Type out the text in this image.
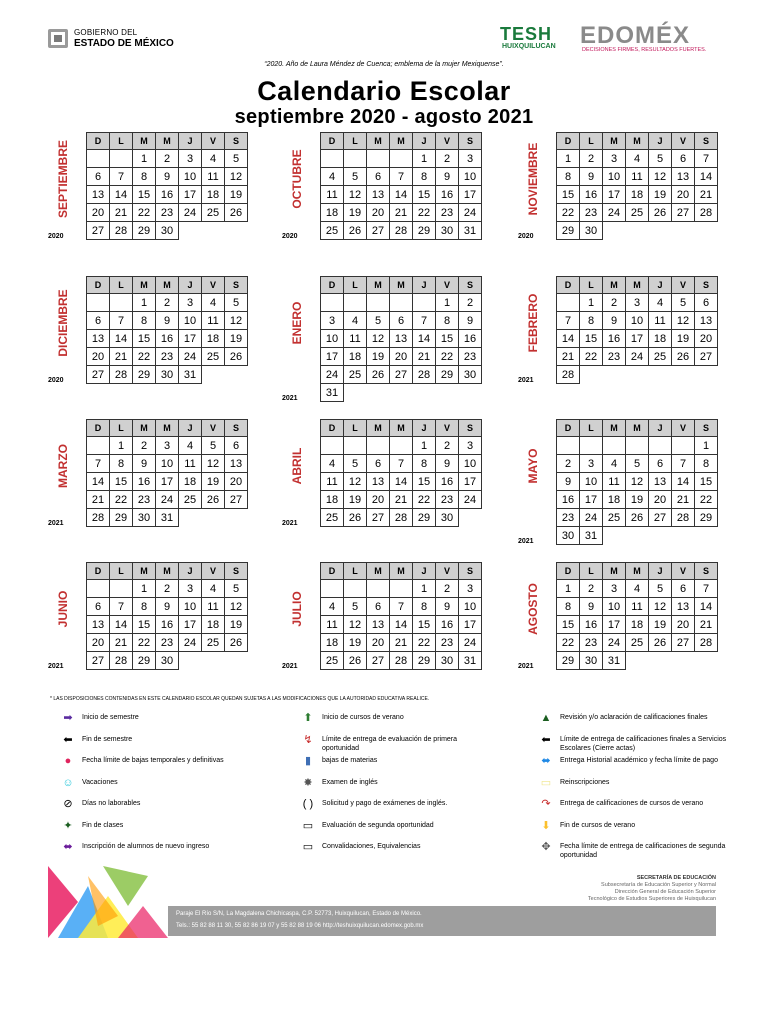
GOBIERNO DEL
ESTADO DE MÉXICO	TESH
HUIXQUILUCAN EDOMÉX
DECISIONES FIRMES, RESULTADOS FUERTES.
“2020. Año de Laura Méndez de Cuenca; emblema de la mujer Mexiquense”.
Calendario Escolar
septiembre 2020 - agosto 2021
SEPTIEMBRE
2020
D	L	M	M	J	V	S
		1	2	3	4	5
6	7	8	9	10	11	12
13	14	15	16	17	18	19
20	21	22	23	24	25	26
27	28	29	30			
OCTUBRE
2020
D	L	M	M	J	V	S
				1	2	3
4	5	6	7	8	9	10
11	12	13	14	15	16	17
18	19	20	21	22	23	24
25	26	27	28	29	30	31
NOVIEMBRE
2020
D	L	M	M	J	V	S
1	2	3	4	5	6	7
8	9	10	11	12	13	14
15	16	17	18	19	20	21
22	23	24	25	26	27	28
29	30					
DICIEMBRE
2020
D	L	M	M	J	V	S
		1	2	3	4	5
6	7	8	9	10	11	12
13	14	15	16	17	18	19
20	21	22	23	24	25	26
27	28	29	30	31		
ENERO
2021
D	L	M	M	J	V	S
					1	2
3	4	5	6	7	8	9
10	11	12	13	14	15	16
17	18	19	20	21	22	23
24	25	26	27	28	29	30
31						
FEBRERO
2021
D	L	M	M	J	V	S
	1	2	3	4	5	6
7	8	9	10	11	12	13
14	15	16	17	18	19	20
21	22	23	24	25	26	27
28						
MARZO
2021
D	L	M	M	J	V	S
	1	2	3	4	5	6
7	8	9	10	11	12	13
14	15	16	17	18	19	20
21	22	23	24	25	26	27
28	29	30	31			
ABRIL
2021
D	L	M	M	J	V	S
				1	2	3
4	5	6	7	8	9	10
11	12	13	14	15	16	17
18	19	20	21	22	23	24
25	26	27	28	29	30	
MAYO
2021
D	L	M	M	J	V	S
						1
2	3	4	5	6	7	8
9	10	11	12	13	14	15
16	17	18	19	20	21	22
23	24	25	26	27	28	29
30	31					
JUNIO
2021
D	L	M	M	J	V	S
		1	2	3	4	5
6	7	8	9	10	11	12
13	14	15	16	17	18	19
20	21	22	23	24	25	26
27	28	29	30			
JULIO
2021
D	L	M	M	J	V	S
				1	2	3
4	5	6	7	8	9	10
11	12	13	14	15	16	17
18	19	20	21	22	23	24
25	26	27	28	29	30	31
AGOSTO
2021
D	L	M	M	J	V	S
1	2	3	4	5	6	7
8	9	10	11	12	13	14
15	16	17	18	19	20	21
22	23	24	25	26	27	28
29	30	31				
* LAS DISPOSICIONES CONTENIDAS EN ESTE CALENDARIO ESCOLAR QUEDAN SUJETAS A LAS MODIFICACIONES QUE LA AUTORIDAD EDUCATIVA REALICE.
➡	Inicio de semestre
⬅	Fin de semestre
●	Fecha límite de bajas temporales y definitivas
☺	Vacaciones
⊘	Días no laborables
✦	Fin de clases
⬌	Inscripción de alumnos de nuevo ingreso
⬆	Inicio de cursos de verano
↯	Límite de entrega de evaluación de primera oportunidad
▮	bajas de materias
✸	Examen de inglés
( )	Solicitud y pago de exámenes de inglés.
▭	Evaluación de segunda oportunidad
▭	Convalidaciones, Equivalencias
▲	Revisión y/o aclaración de calificaciones finales
⬅	Límite de entrega de calificaciones finales a Servicios Escolares (Cierre actas)
⬌	Entrega Historial académico y fecha límite de pago
▭	Reinscripciones
↷	Entrega de calificaciones de cursos de verano
⬇	Fin de cursos de verano
✥	Fecha límite de entrega de calificaciones de segunda oportunidad
Paraje El Río S/N, La Magdalena Chichicaspa, C.P. 52773, Huixquilucan, Estado de México.
Tels.: 55 82 88 11 30, 55 82 86 19 07 y 55 82 88 19 06 http://teshuixquilucan.edomex.gob.mx
SECRETARÍA DE EDUCACIÓN
Subsecretaría de Educación Superior y Normal
Dirección General de Educación Superior
Tecnológico de Estudios Superiores de Huixquilucan
